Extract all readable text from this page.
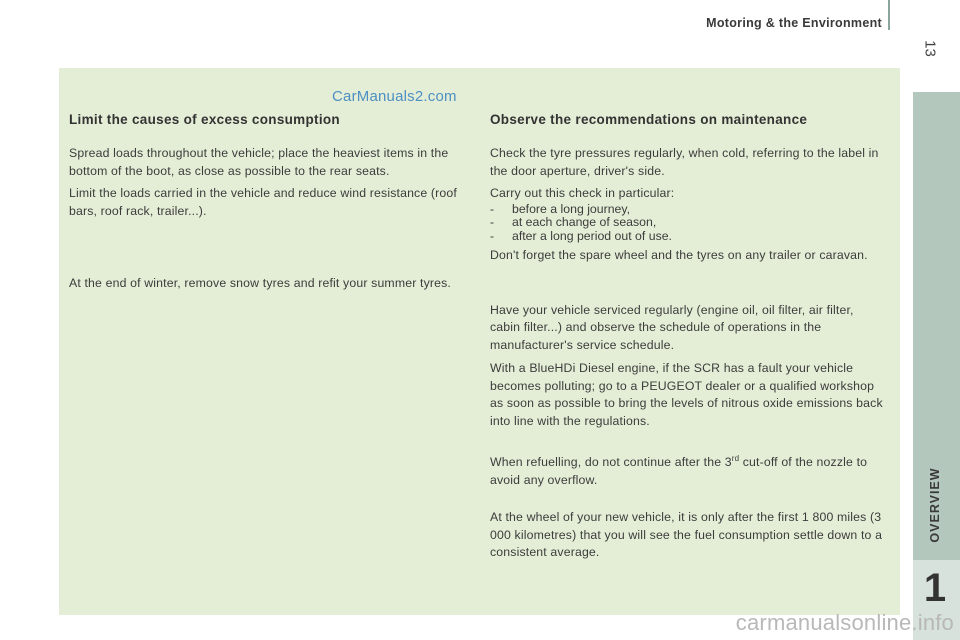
Motoring & the Environment
13
OVERVIEW
1
CarManuals2.com
Limit the causes of excess consumption

Spread loads throughout the vehicle; place the heaviest items in the bottom of the boot, as close as possible to the rear seats.

Limit the loads carried in the vehicle and reduce wind resistance (roof bars, roof rack, trailer...).

At the end of winter, remove snow tyres and refit your summer tyres.

Observe the recommendations on maintenance

Check the tyre pressures regularly, when cold, referring to the label in the door aperture, driver's side.

Carry out this check in particular:

- before a long journey,
- at each change of season,
- after a long period out of use.

Don't forget the spare wheel and the tyres on any trailer or caravan.

Have your vehicle serviced regularly (engine oil, oil filter, air filter, cabin filter...) and observe the schedule of operations in the manufacturer's service schedule.

With a BlueHDi Diesel engine, if the SCR has a fault your vehicle becomes polluting; go to a PEUGEOT dealer or a qualified workshop as soon as possible to bring the levels of nitrous oxide emissions back into line with the regulations.

When refuelling, do not continue after the 3rd cut-off of the nozzle to avoid any overflow.

At the wheel of your new vehicle, it is only after the first 1 800 miles (3 000 kilometres) that you will see the fuel consumption settle down to a consistent average.

carmanualsonline.info
